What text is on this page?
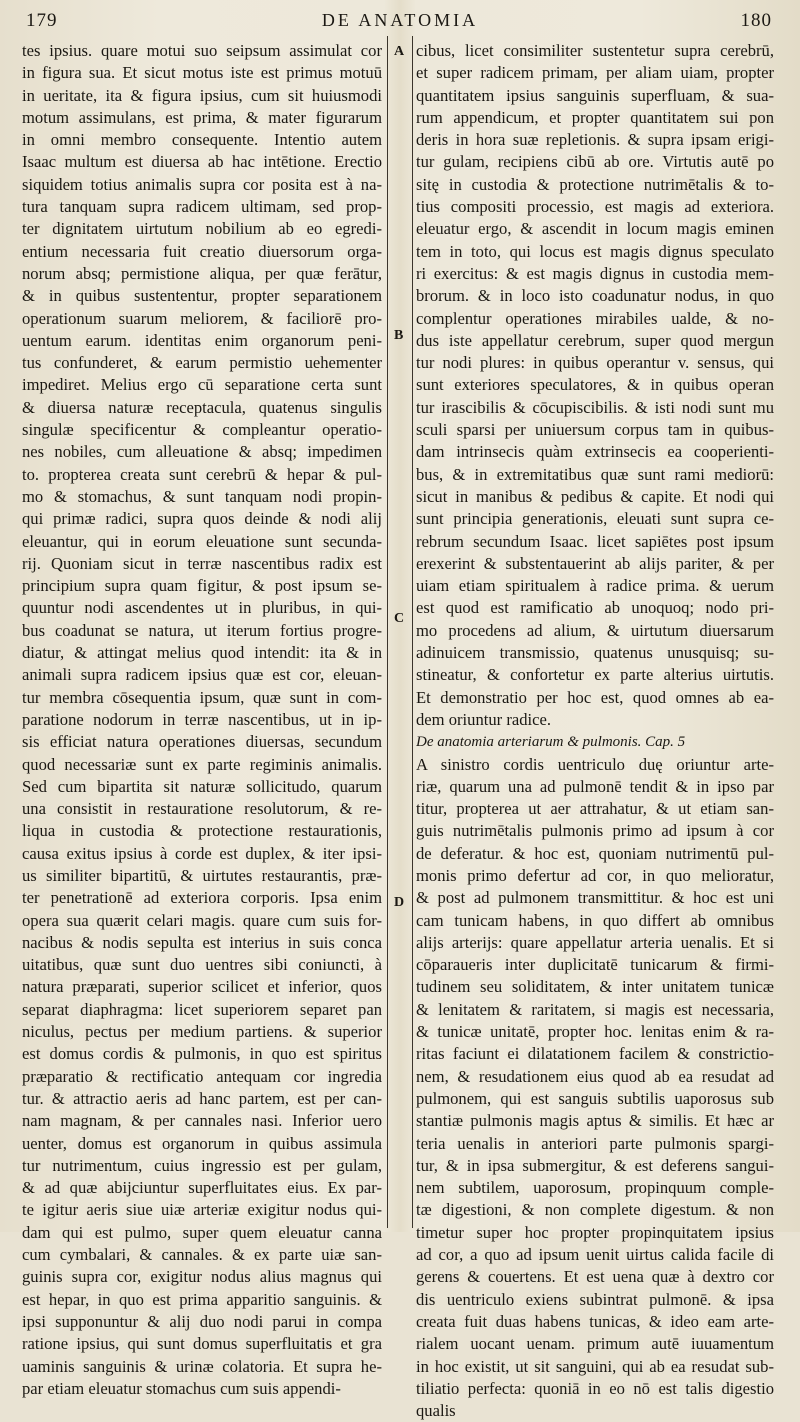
179	DE ANATOMIA	180
A
B
C
D
tes ipsius. quare motui suo seipsum assimulat cor
in figura sua. Et sicut motus iste est primus motuū
in ueritate, ita & figura ipsius, cum sit huiusmodi
motum assimulans, est prima, & mater figurarum
in omni membro consequente. Intentio autem
Isaac multum est diuersa ab hac intētione. Erectio
siquidem totius animalis supra cor posita est à na-
tura tanquam supra radicem ultimam, sed prop-
ter dignitatem uirtutum nobilium ab eo egredi-
entium necessaria fuit creatio diuersorum orga-
norum absq; permistione aliqua, per quæ ferātur,
& in quibus sustententur, propter separationem
operationum suarum meliorem, & faciliorē pro-
uentum earum. identitas enim organorum peni-
tus confunderet, & earum permistio uehementer
impediret. Melius ergo cū separatione certa sunt
& diuersa naturæ receptacula, quatenus singulis
singulæ specificentur & compleantur operatio-
nes nobiles, cum alleuatione & absq; impedimen
to. propterea creata sunt cerebrū & hepar & pul-
mo & stomachus, & sunt tanquam nodi propin-
qui primæ radici, supra quos deinde & nodi alij
eleuantur, qui in eorum eleuatione sunt secunda-
rij. Quoniam sicut in terræ nascentibus radix est
principium supra quam figitur, & post ipsum se-
quuntur nodi ascendentes ut in pluribus, in qui-
bus coadunat se natura, ut iterum fortius progre-
diatur, & attingat melius quod intendit: ita & in
animali supra radicem ipsius quæ est cor, eleuan-
tur membra cōsequentia ipsum, quæ sunt in com-
paratione nodorum in terræ nascentibus, ut in ip-
sis efficiat natura operationes diuersas, secundum
quod necessariæ sunt ex parte regiminis animalis.
Sed cum bipartita sit naturæ sollicitudo, quarum
una consistit in restauratione resolutorum, & re-
liqua in custodia & protectione restaurationis,
causa exitus ipsius à corde est duplex, & iter ipsi-
us similiter bipartitū, & uirtutes restaurantis, præ-
ter penetrationē ad exteriora corporis. Ipsa enim
opera sua quærit celari magis. quare cum suis for-
nacibus & nodis sepulta est interius in suis conca
uitatibus, quæ sunt duo uentres sibi coniuncti, à
natura præparati, superior scilicet et inferior, quos
separat diaphragma: licet superiorem separet pan
niculus, pectus per medium partiens. & superior
est domus cordis & pulmonis, in quo est spiritus
præparatio & rectificatio antequam cor ingredia
tur. & attractio aeris ad hanc partem, est per can-
nam magnam, & per cannales nasi. Inferior uero
uenter, domus est organorum in quibus assimula
tur nutrimentum, cuius ingressio est per gulam,
& ad quæ abijciuntur superfluitates eius. Ex par-
te igitur aeris siue uiæ arteriæ exigitur nodus qui-
dam qui est pulmo, super quem eleuatur canna
cum cymbalari, & cannales. & ex parte uiæ san-
guinis supra cor, exigitur nodus alius magnus qui
est hepar, in quo est prima apparitio sanguinis. &
ipsi supponuntur & alij duo nodi parui in compa
ratione ipsius, qui sunt domus superfluitatis et gra
uaminis sanguinis & urinæ colatoria. Et supra he-
par etiam eleuatur stomachus cum suis appendi-
cibus, licet consimiliter sustentetur supra cerebrū,
et super radicem primam, per aliam uiam, propter
quantitatem ipsius sanguinis superfluam, & sua-
rum appendicum, et propter quantitatem sui pon
deris in hora suæ repletionis. & supra ipsam erigi-
tur gulam, recipiens cibū ab ore. Virtutis autē po
sitę in custodia & protectione nutrimētalis & to-
tius compositi processio, est magis ad exteriora.
eleuatur ergo, & ascendit in locum magis eminen
tem in toto, qui locus est magis dignus speculato
ri exercitus: & est magis dignus in custodia mem-
brorum. & in loco isto coadunatur nodus, in quo
complentur operationes mirabiles ualde, & no-
dus iste appellatur cerebrum, super quod mergun
tur nodi plures: in quibus operantur v. sensus, qui
sunt exteriores speculatores, & in quibus operan
tur irascibilis & cōcupiscibilis. & isti nodi sunt mu
sculi sparsi per uniuersum corpus tam in quibus-
dam intrinsecis quàm extrinsecis ea cooperienti-
bus, & in extremitatibus quæ sunt rami mediorū:
sicut in manibus & pedibus & capite. Et nodi qui
sunt principia generationis, eleuati sunt supra ce-
rebrum secundum Isaac. licet sapiētes post ipsum
erexerint & substentauerint ab alijs pariter, & per
uiam etiam spiritualem à radice prima. & uerum
est quod est ramificatio ab unoquoq; nodo pri-
mo procedens ad alium, & uirtutum diuersarum
adinuicem transmissio, quatenus unusquisq; su-
stineatur, & confortetur ex parte alterius uirtutis.
Et demonstratio per hoc est, quod omnes ab ea-
dem oriuntur radice.
De anatomia arteriarum & pulmonis. Cap. 5
A sinistro cordis uentriculo duę oriuntur arte-
riæ, quarum una ad pulmonē tendit & in ipso par
titur, propterea ut aer attrahatur, & ut etiam san-
guis nutrimētalis pulmonis primo ad ipsum à cor
de deferatur. & hoc est, quoniam nutrimentū pul-
monis primo defertur ad cor, in quo melioratur,
& post ad pulmonem transmittitur. & hoc est uni
cam tunicam habens, in quo differt ab omnibus
alijs arterijs: quare appellatur arteria uenalis. Et si
cōparaueris inter duplicitatē tunicarum & firmi-
tudinem seu soliditatem, & inter unitatem tunicæ
& lenitatem & raritatem, si magis est necessaria,
& tunicæ unitatē, propter hoc. lenitas enim & ra-
ritas faciunt ei dilatationem facilem & constrictio-
nem, & resudationem eius quod ab ea resudat ad
pulmonem, qui est sanguis subtilis uaporosus sub
stantiæ pulmonis magis aptus & similis. Et hæc ar
teria uenalis in anteriori parte pulmonis spargi-
tur, & in ipsa submergitur, & est deferens sangui-
nem subtilem, uaporosum, propinquum comple-
tæ digestioni, & non complete digestum. & non
timetur super hoc propter propinquitatem ipsius
ad cor, a quo ad ipsum uenit uirtus calida facile di
gerens & couertens. Et est uena quæ à dextro cor
dis uentriculo exiens subintrat pulmonē. & ipsa
creata fuit duas habens tunicas, & ideo eam arte-
rialem uocant uenam. primum autē iuuamentum
in hoc existit, ut sit sanguini, qui ab ea resudat sub-
tiliatio perfecta: quoniā in eo nō est talis digestio
qualis
